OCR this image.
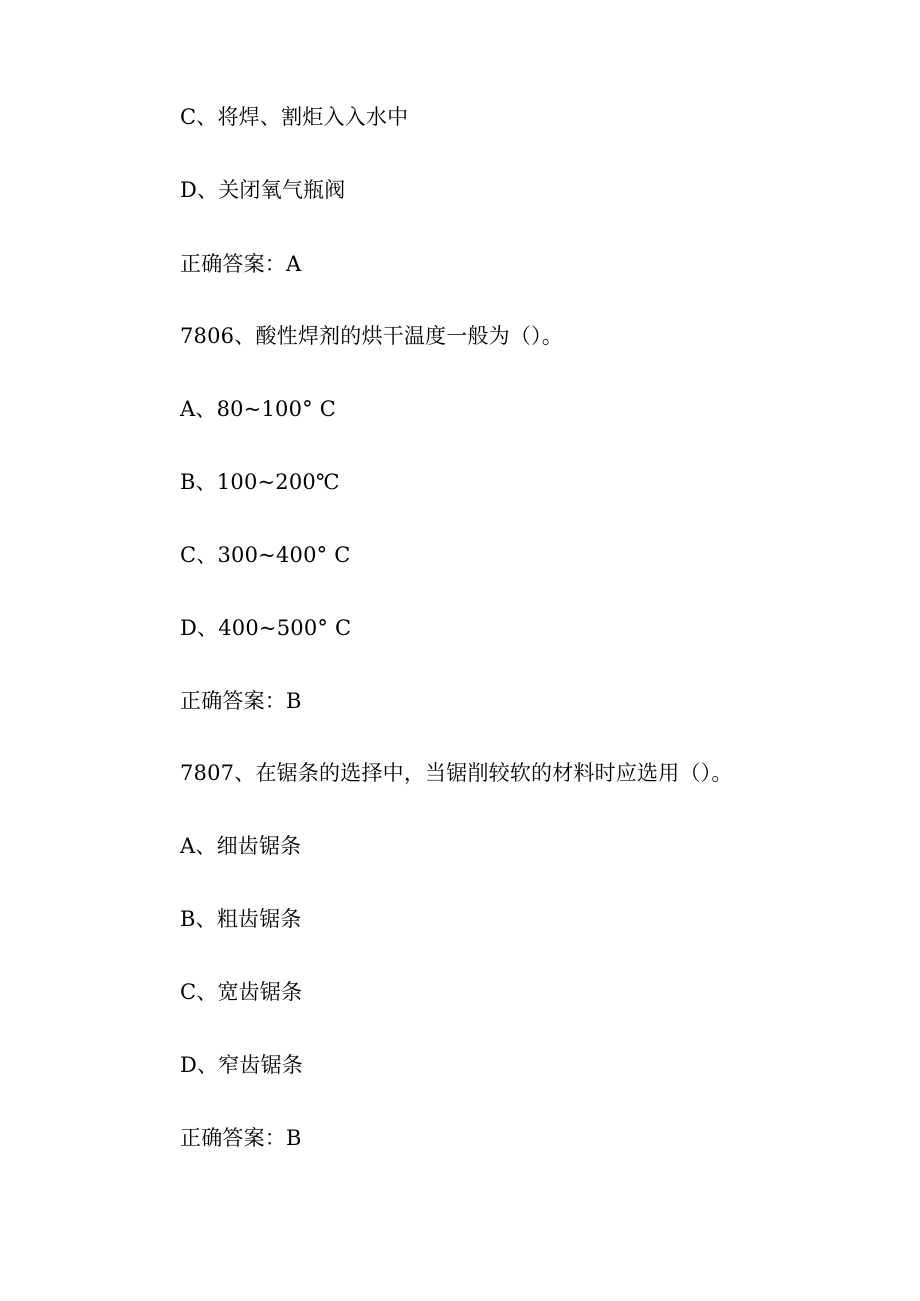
C、将焊、割炬入入水中
D、关闭氧气瓶阀
正确答案：A
7806、酸性焊剂的烘干温度一般为（）。
A、80~100° C
B、100~200℃
C、300~400° C
D、400~500° C
正确答案：B
7807、在锯条的选择中，当锯削较软的材料时应选用（）。
A、细齿锯条
B、粗齿锯条
C、宽齿锯条
D、窄齿锯条
正确答案：B
